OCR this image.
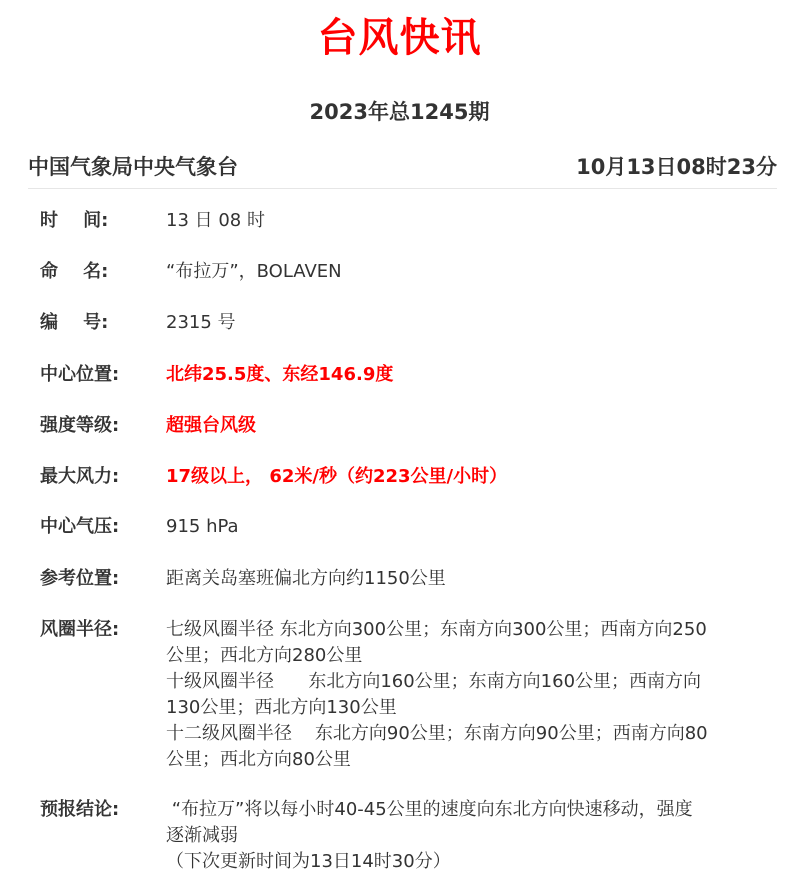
台风快讯
2023年总1245期
中国气象局中央气象台	10月13日08时23分
时    间:	13 日 08 时
命    名:	“布拉万”，BOLAVEN
编    号:	2315 号
中心位置:	北纬25.5度、东经146.9度
强度等级:	超强台风级
最大风力:	17级以上， 62米/秒（约223公里/小时）
中心气压:	915 hPa
参考位置:	距离关岛塞班偏北方向约1150公里
风圈半径:	七级风圈半径 东北方向300公里；东南方向300公里；西南方向250
公里；西北方向280公里
十级风圈半径      东北方向160公里；东南方向160公里；西南方向
130公里；西北方向130公里
十二级风圈半径    东北方向90公里；东南方向90公里；西南方向80
公里；西北方向80公里
预报结论:	“布拉万”将以每小时40-45公里的速度向东北方向快速移动，强度
逐渐减弱
（下次更新时间为13日14时30分）
